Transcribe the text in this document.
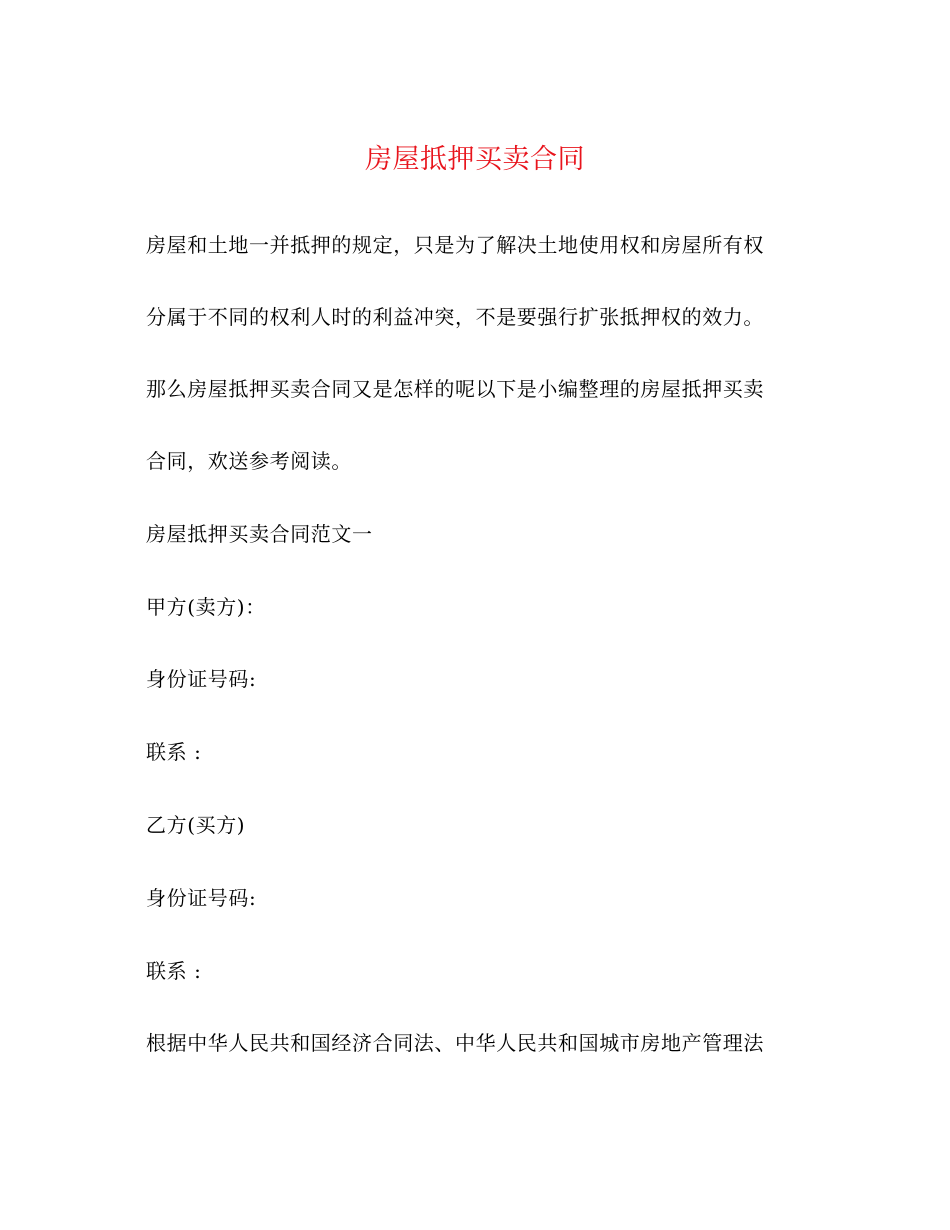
房屋抵押买卖合同
房屋和土地一并抵押的规定，只是为了解决土地使用权和房屋所有权
分属于不同的权利人时的利益冲突，不是要强行扩张抵押权的效力。
那么房屋抵押买卖合同又是怎样的呢以下是小编整理的房屋抵押买卖
合同，欢送参考阅读。
房屋抵押买卖合同范文一
甲方(卖方)：
身份证号码:
联系 :
乙方(买方)
身份证号码:
联系 :
根据中华人民共和国经济合同法、中华人民共和国城市房地产管理法
